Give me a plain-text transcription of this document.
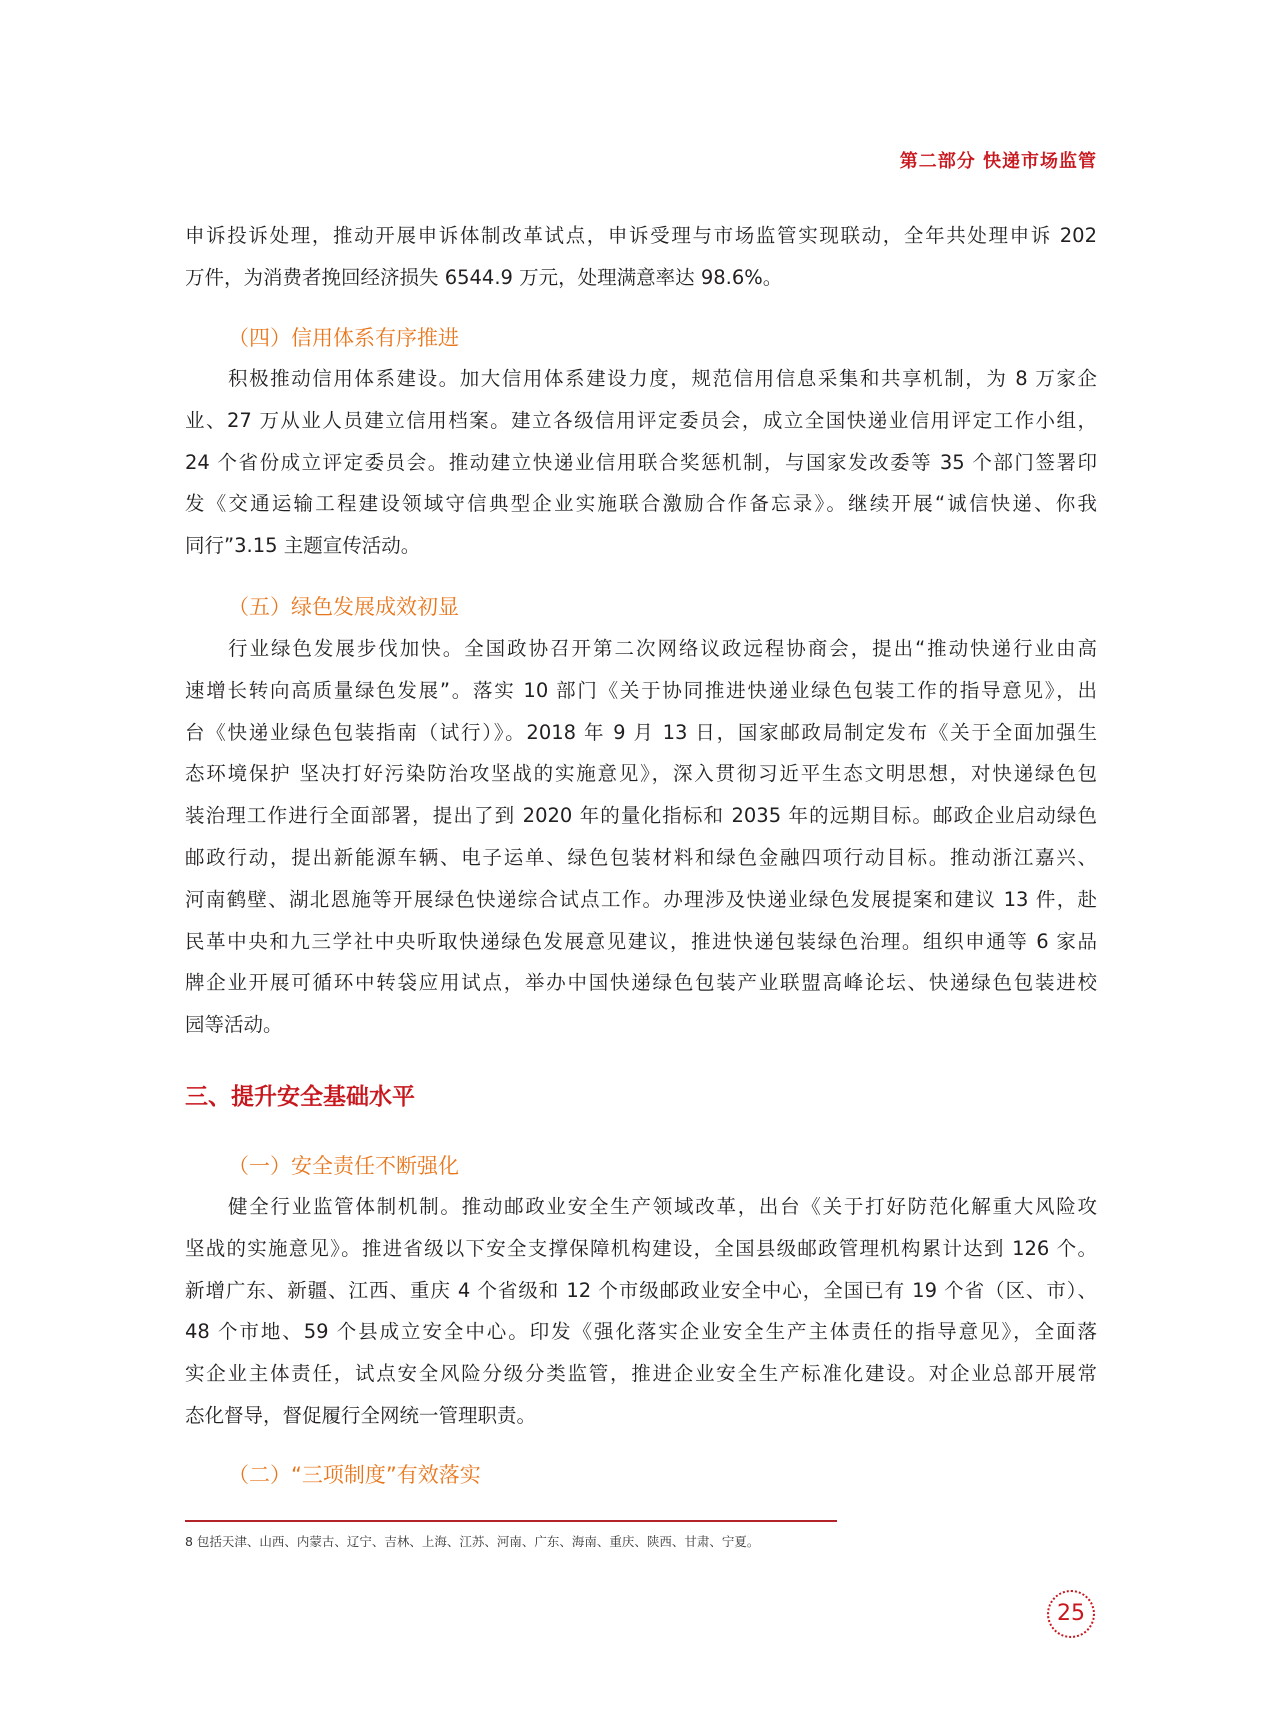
第二部分 快递市场监管
申诉投诉处理，推动开展申诉体制改革试点，申诉受理与市场监管实现联动，全年共处理申诉 202
万件，为消费者挽回经济损失 6544.9 万元，处理满意率达 98.6%。
（四）信用体系有序推进
积极推动信用体系建设。加大信用体系建设力度，规范信用信息采集和共享机制，为 8 万家企
业、27 万从业人员建立信用档案。建立各级信用评定委员会，成立全国快递业信用评定工作小组，
24 个省份成立评定委员会。推动建立快递业信用联合奖惩机制，与国家发改委等 35 个部门签署印
发《交通运输工程建设领域守信典型企业实施联合激励合作备忘录》。继续开展“诚信快递、你我
同行”3.15 主题宣传活动。
（五）绿色发展成效初显
行业绿色发展步伐加快。全国政协召开第二次网络议政远程协商会，提出“推动快递行业由高
速增长转向高质量绿色发展”。落实 10 部门《关于协同推进快递业绿色包装工作的指导意见》，出
台《快递业绿色包装指南（试行）》。2018 年 9 月 13 日，国家邮政局制定发布《关于全面加强生
态环境保护 坚决打好污染防治攻坚战的实施意见》，深入贯彻习近平生态文明思想，对快递绿色包
装治理工作进行全面部署，提出了到 2020 年的量化指标和 2035 年的远期目标。邮政企业启动绿色
邮政行动，提出新能源车辆、电子运单、绿色包装材料和绿色金融四项行动目标。推动浙江嘉兴、
河南鹤壁、湖北恩施等开展绿色快递综合试点工作。办理涉及快递业绿色发展提案和建议 13 件，赴
民革中央和九三学社中央听取快递绿色发展意见建议，推进快递包装绿色治理。组织申通等 6 家品
牌企业开展可循环中转袋应用试点，举办中国快递绿色包装产业联盟高峰论坛、快递绿色包装进校
园等活动。
三、提升安全基础水平
（一）安全责任不断强化
健全行业监管体制机制。推动邮政业安全生产领域改革，出台《关于打好防范化解重大风险攻
坚战的实施意见》。推进省级以下安全支撑保障机构建设，全国县级邮政管理机构累计达到 126 个。
新增广东、新疆、江西、重庆 4 个省级和 12 个市级邮政业安全中心，全国已有 19 个省（区、市）、
48 个市地、59 个县成立安全中心。印发《强化落实企业安全生产主体责任的指导意见》，全面落
实企业主体责任，试点安全风险分级分类监管，推进企业安全生产标准化建设。对企业总部开展常
态化督导，督促履行全网统一管理职责。
（二）“三项制度”有效落实
8 包括天津、山西、内蒙古、辽宁、吉林、上海、江苏、河南、广东、海南、重庆、陕西、甘肃、宁夏。
25
